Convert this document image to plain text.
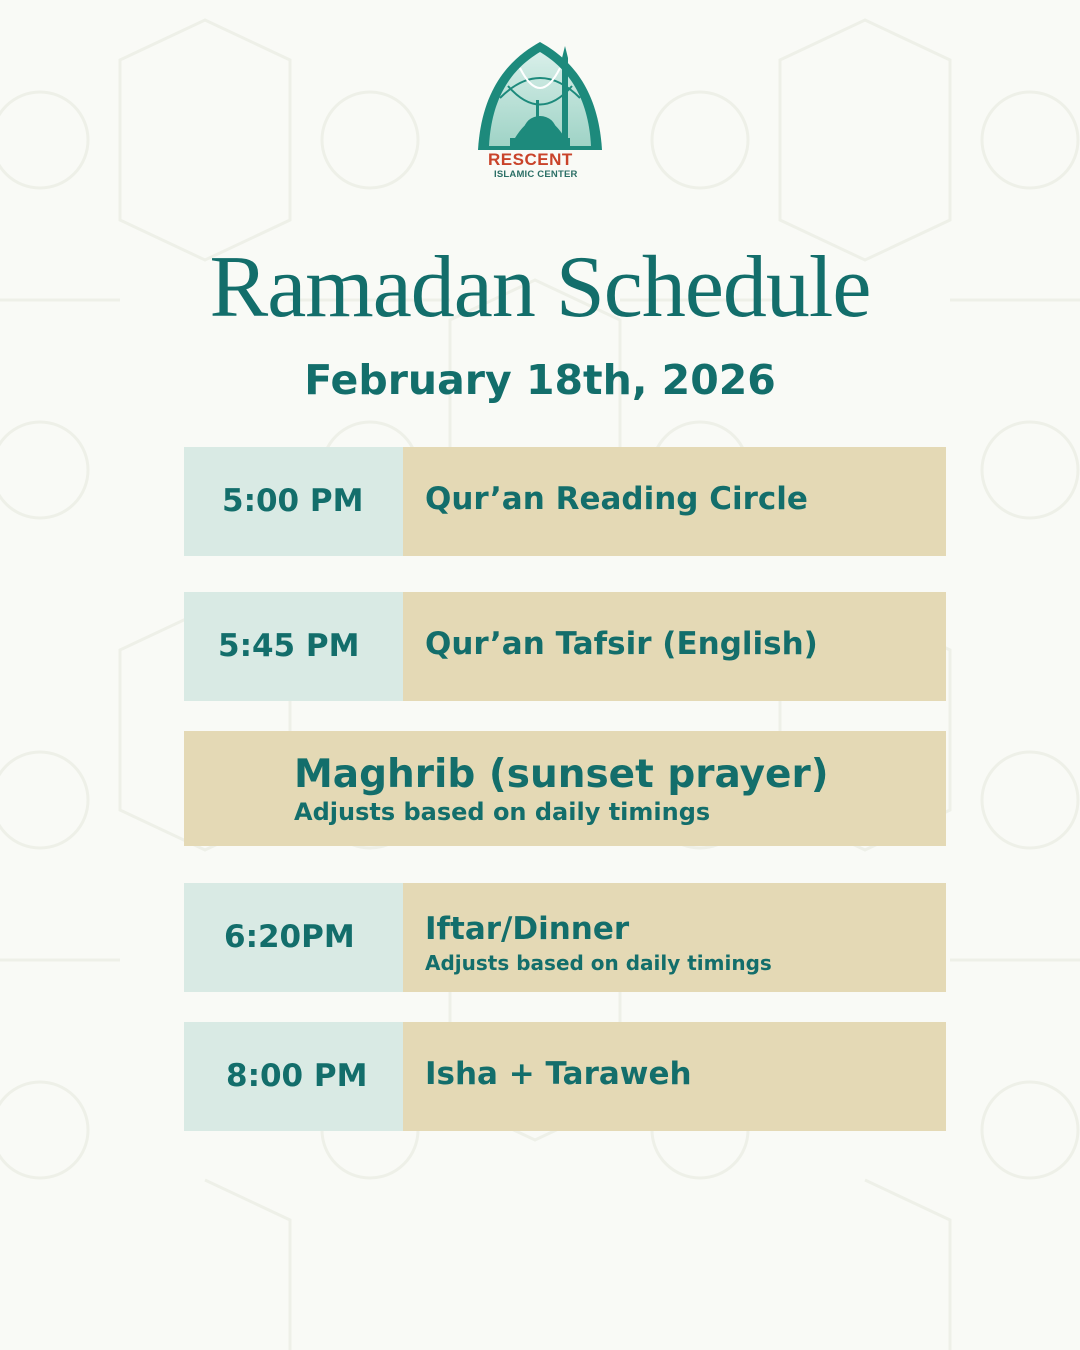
RESCENT
ISLAMIC CENTER
Ramadan Schedule
February 18th, 2026
5:00 PM	Qur’an Reading Circle
5:45 PM	Qur’an Tafsir (English)
Maghrib (sunset prayer)
Adjusts based on daily timings
6:20PM	Iftar/Dinner
Adjusts based on daily timings
8:00 PM	Isha + Taraweh
